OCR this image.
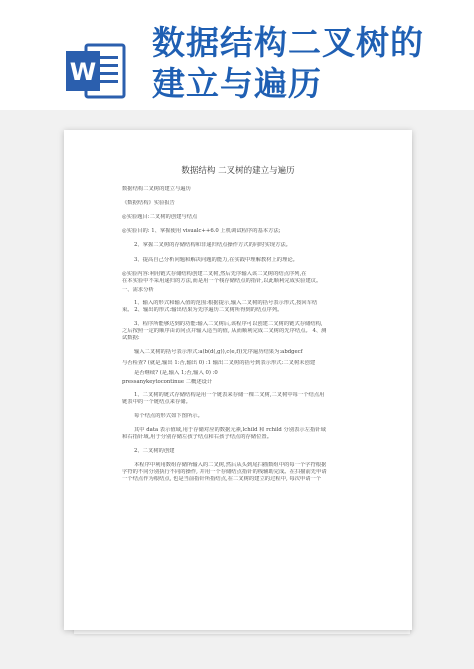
W
数据结构二叉树的
建立与遍历
数据结构 二叉树的建立与遍历
数据结构二叉树的建立与遍历
《数据结构》实验报告
◎实验题目:二叉树的创建与结点
◎实验目的: 1、掌握使用 visualc++6.0 上机调试程序的基本方法;
2、掌握二叉树的存储结构和非递归结点操作方式的同时实现方法。
3、提高自己分析问题和解决问题的能力,在实践中理解教材上的理论。
◎实验内容:利用链式存储结构创建二叉树,然后先序输入该二叉树的结点序列,在
在本实验中不采用递归的方法,而是用一个栈存储结点的指针,以此顺利完成实验建议。
一、需求分析
1、输入的形式和输入值的范围:根据提示,输入二叉树的括号表示形式,按回车结
束。 2、输出的形式:输出结果为先序遍历二叉树所得到的结点序列。
3、程序所能够达到的功能:输入二叉树后,该程序可以创建二叉树的链式存储结构,
之后按照一定的顺序由访问点并输入适当的值, 从而顺利完成二叉树的先序结点。 4、测
试数据:
输入二叉树的括号表示形式:a(b(d(,g)),c(e,f))先序遍历结果为:abdgecf
与否检查? (就是,输出 1:否,输出 0) :1 输出二叉树的括号到表示形式:二叉树未创建
是否继续? (是,输入 1;否,输入 0) :0
pressanykeytocontinue 二概述设计
1、二叉树的链式存储结构是用一个链表来存储一棵二叉树,二叉树中每一个结点用
链表中的一个链结点来存储。
每个结点的形式如下图所示。
其中 data 表示值域,用于存储对应的数据元素,lchild 和 rchild 分别表示左指针域
和右指针域,用于分别存储左孩子结点和右孩子结点的存储位置。
2、二叉树的创建
本程序中利用数组存储所输入的二叉树,然后从头到尾扫描数组中的每一个字符根据
字符的不同分别执行不同的操作, 并用一个存储结点指针的栈辅助完成。在扫描前先申请
一个结点作为根结点, 也是当前指针所指结点,在二叉树的建立的过程中, 每次申请一个
